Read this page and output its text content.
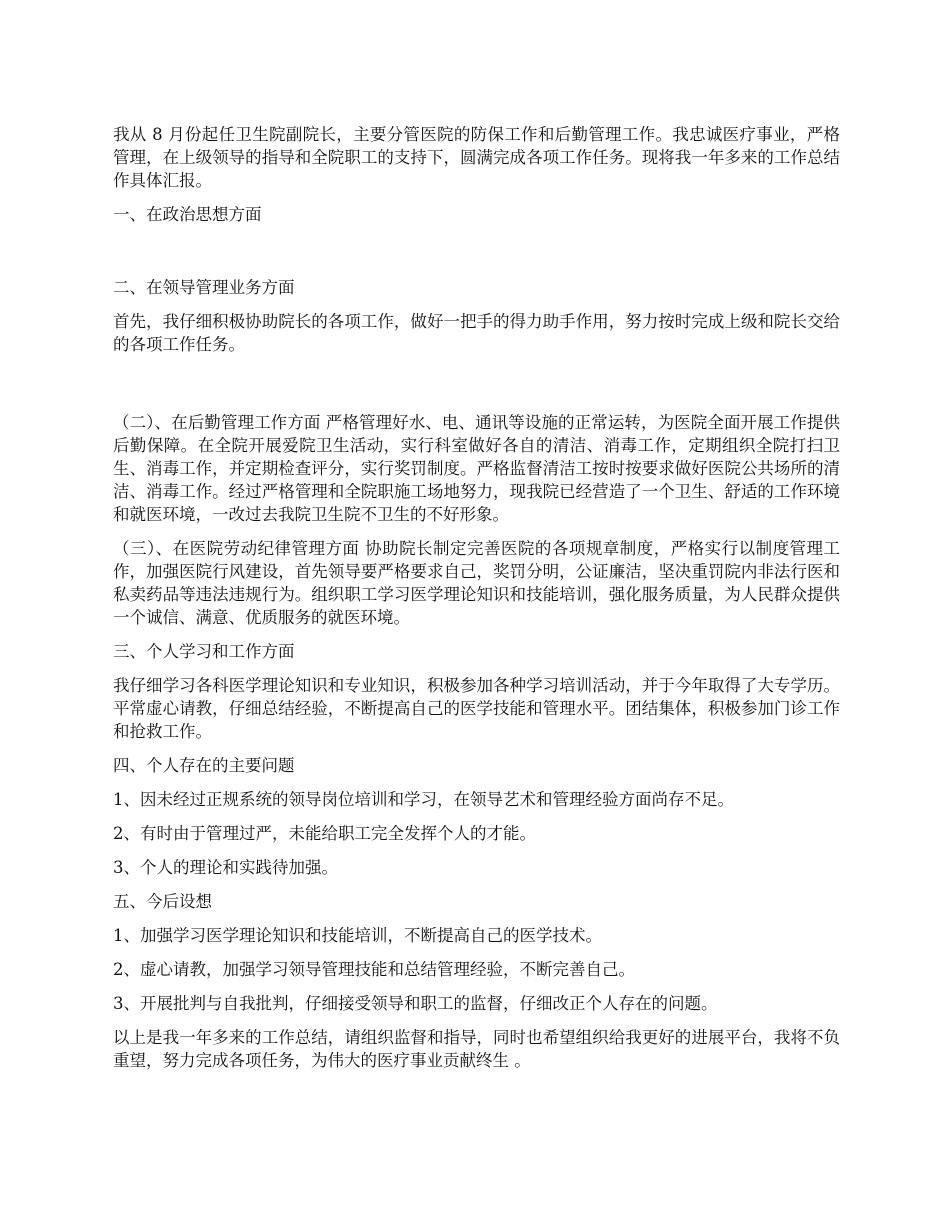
我从 8 月份起任卫生院副院长，主要分管医院的防保工作和后勤管理工作。我忠诚医疗事业，严格管理，在上级领导的指导和全院职工的支持下，圆满完成各项工作任务。现将我一年多来的工作总结作具体汇报。

一、在政治思想方面

二、在领导管理业务方面

首先，我仔细积极协助院长的各项工作，做好一把手的得力助手作用，努力按时完成上级和院长交给的各项工作任务。

（二）、在后勤管理工作方面 严格管理好水、电、通讯等设施的正常运转，为医院全面开展工作提供后勤保障。在全院开展爱院卫生活动，实行科室做好各自的清洁、消毒工作，定期组织全院打扫卫生、消毒工作，并定期检查评分，实行奖罚制度。严格监督清洁工按时按要求做好医院公共场所的清洁、消毒工作。经过严格管理和全院职施工场地努力，现我院已经营造了一个卫生、舒适的工作环境和就医环境，一改过去我院卫生院不卫生的不好形象。

（三）、在医院劳动纪律管理方面 协助院长制定完善医院的各项规章制度，严格实行以制度管理工作，加强医院行风建设，首先领导要严格要求自己，奖罚分明，公证廉洁，坚决重罚院内非法行医和私卖药品等违法违规行为。组织职工学习医学理论知识和技能培训，强化服务质量，为人民群众提供一个诚信、满意、优质服务的就医环境。

三、个人学习和工作方面

我仔细学习各科医学理论知识和专业知识，积极参加各种学习培训活动，并于今年取得了大专学历。平常虚心请教，仔细总结经验，不断提高自己的医学技能和管理水平。团结集体，积极参加门诊工作和抢救工作。

四、个人存在的主要问题

1、因未经过正规系统的领导岗位培训和学习，在领导艺术和管理经验方面尚存不足。

2、有时由于管理过严，未能给职工完全发挥个人的才能。

3、个人的理论和实践待加强。

五、今后设想

1、加强学习医学理论知识和技能培训，不断提高自己的医学技术。

2、虚心请教，加强学习领导管理技能和总结管理经验，不断完善自己。

3、开展批判与自我批判，仔细接受领导和职工的监督，仔细改正个人存在的问题。

以上是我一年多来的工作总结，请组织监督和指导，同时也希望组织给我更好的进展平台，我将不负重望，努力完成各项任务，为伟大的医疗事业贡献终生 。
